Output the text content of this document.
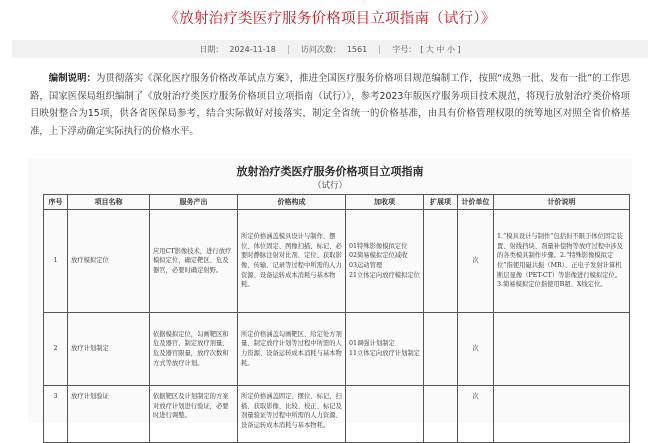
《放射治疗类医疗服务价格项目立项指南（试行）》
日期： 2024-11-18	访问次数： 1561	字号： [ 大 中 小 ]
编制说明：为贯彻落实《深化医疗服务价格改革试点方案》，推进全国医疗服务价格项目规范编制工作，按照“成熟一批、发布一批”的工作思路，国家医保局组织编制了《放射治疗类医疗服务价格项目立项指南（试行）》，参考2023年版医疗服务项目技术规范，将现行放射治疗类价格项目映射整合为15项，供各省医保局参考，结合实际做好对接落实，制定全省统一的价格基准，由具有价格管理权限的统筹地区对照全省价格基准，上下浮动确定实际执行的价格水平。
放射治疗类医疗服务价格项目立项指南
（试行）
序号	项目名称	服务产出	价格构成	加收项	扩展项	计价单位	计价说明
1	放疗模拟定位	应用CT影像技术，进行放疗模拟定位，确定靶区、危及器官，必要时确定射野。	所定价格涵盖模具设计与制作、摆位、体位固定、图像扫描、标记、必要时静脉注射对比剂、定位、获取影像、传输、记录等过程中所需的人力资源、设备运转成本消耗与基本物耗。	01特殊影像模拟定位
02简易模拟定位减收
03运动管理
21立体定向放疗模拟定位		次	1.“模具设计与制作”包括但不限于体位固定装置、射线挡块、剂量补偿物等放疗过程中涉及的各类模具制作步骤。2.“特殊影像模拟定位”指使用磁共振（MR）、正电子发射计算机断层显像（PET-CT）等影像进行模拟定位。3.简易模拟定位指使用B超、X线定位。
2	放疗计划制定	依据模拟定位，勾画靶区和危及器官，制定放疗剂量、危及器官限量，放疗次数和方式等放疗计划。	所定价格涵盖勾画靶区、给定处方剂量、制定放疗计划等过程中所需的人力资源、设备运转成本消耗与基本物耗。	01调强计划制定
11立体定向放疗计划制定		次	
3	放疗计划验证	依据靶区及计划制定的方案对放疗计划进行验证，必要时进行调整。	所定价格涵盖固定、摆位、标记、扫描、获取影像、比较、校正、标记及剂量验证等过程中所需的人力资源、设备运转成本消耗与基本物耗。			次	
